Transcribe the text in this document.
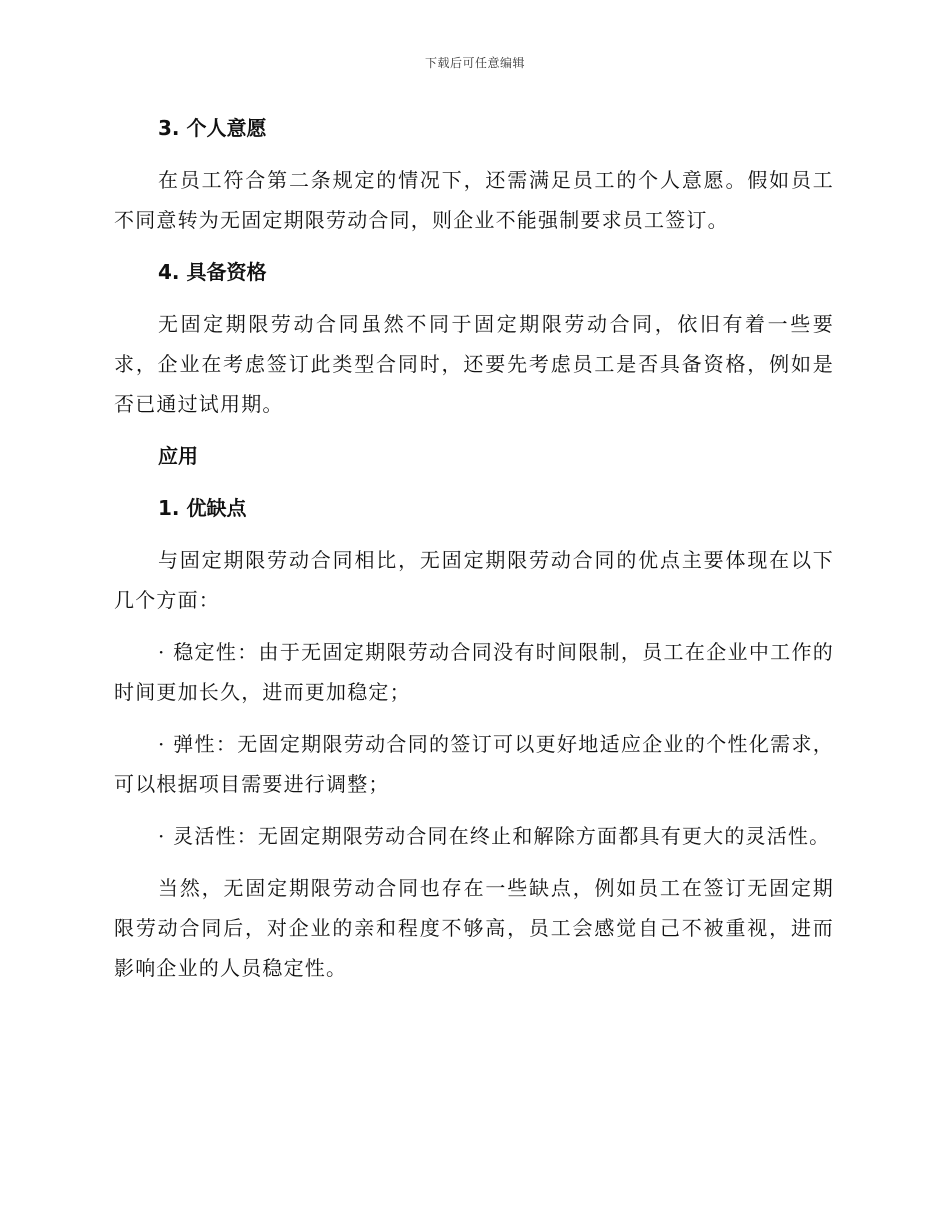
下载后可任意编辑
3. 个人意愿

在员工符合第二条规定的情况下，还需满足员工的个人意愿。假如员工不同意转为无固定期限劳动合同，则企业不能强制要求员工签订。

4. 具备资格

无固定期限劳动合同虽然不同于固定期限劳动合同，依旧有着一些要求，企业在考虑签订此类型合同时，还要先考虑员工是否具备资格，例如是否已通过试用期。

应用
1. 优缺点

与固定期限劳动合同相比，无固定期限劳动合同的优点主要体现在以下几个方面：

· 稳定性：由于无固定期限劳动合同没有时间限制，员工在企业中工作的时间更加长久，进而更加稳定；

· 弹性：无固定期限劳动合同的签订可以更好地适应企业的个性化需求，可以根据项目需要进行调整；

· 灵活性：无固定期限劳动合同在终止和解除方面都具有更大的灵活性。

当然，无固定期限劳动合同也存在一些缺点，例如员工在签订无固定期限劳动合同后，对企业的亲和程度不够高，员工会感觉自己不被重视，进而影响企业的人员稳定性。
